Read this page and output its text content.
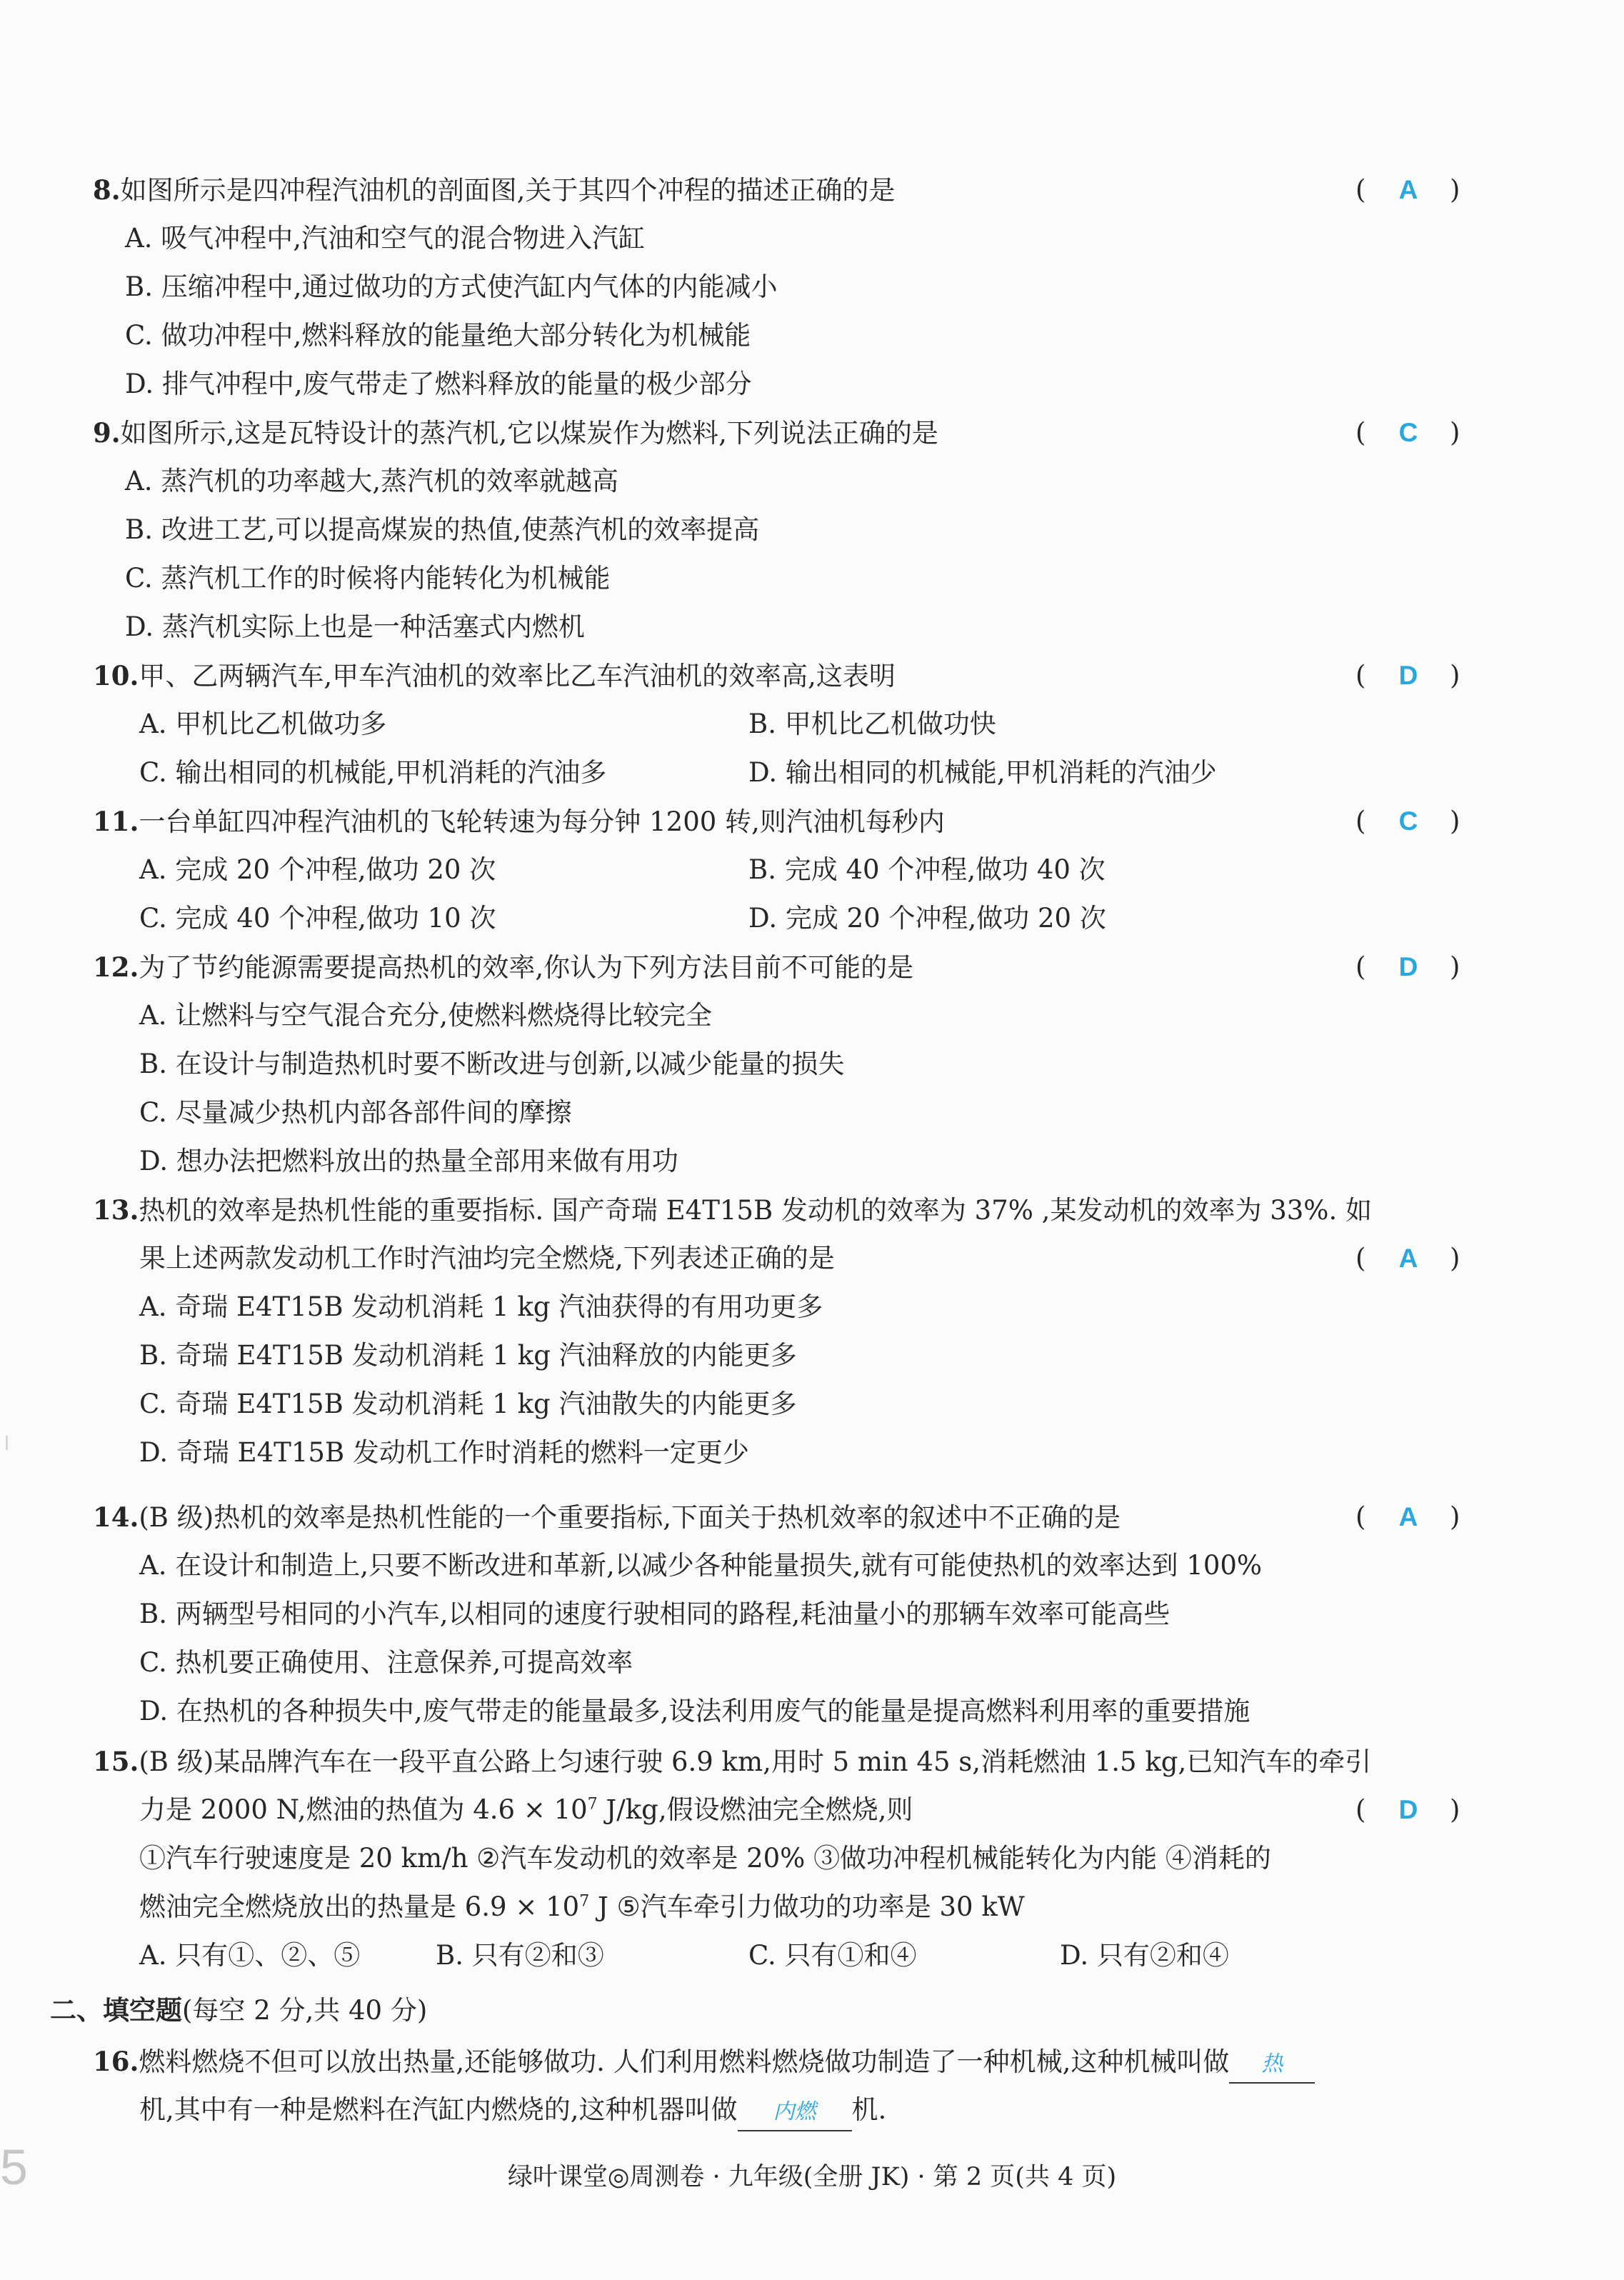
8.如图所示是四冲程汽油机的剖面图,关于其四个冲程的描述正确的是	(	A	)
A. 吸气冲程中,汽油和空气的混合物进入汽缸
B. 压缩冲程中,通过做功的方式使汽缸内气体的内能减小
C. 做功冲程中,燃料释放的能量绝大部分转化为机械能
D. 排气冲程中,废气带走了燃料释放的能量的极少部分
9.如图所示,这是瓦特设计的蒸汽机,它以煤炭作为燃料,下列说法正确的是	(	C	)
A. 蒸汽机的功率越大,蒸汽机的效率就越高
B. 改进工艺,可以提高煤炭的热值,使蒸汽机的效率提高
C. 蒸汽机工作的时候将内能转化为机械能
D. 蒸汽机实际上也是一种活塞式内燃机
10.甲、乙两辆汽车,甲车汽油机的效率比乙车汽油机的效率高,这表明	(	D	)
A. 甲机比乙机做功多	B. 甲机比乙机做功快
C. 输出相同的机械能,甲机消耗的汽油多	D. 输出相同的机械能,甲机消耗的汽油少
11.一台单缸四冲程汽油机的飞轮转速为每分钟 1200 转,则汽油机每秒内	(	C	)
A. 完成 20 个冲程,做功 20 次	B. 完成 40 个冲程,做功 40 次
C. 完成 40 个冲程,做功 10 次	D. 完成 20 个冲程,做功 20 次
12.为了节约能源需要提高热机的效率,你认为下列方法目前不可能的是	(	D	)
A. 让燃料与空气混合充分,使燃料燃烧得比较完全
B. 在设计与制造热机时要不断改进与创新,以减少能量的损失
C. 尽量减少热机内部各部件间的摩擦
D. 想办法把燃料放出的热量全部用来做有用功
13.热机的效率是热机性能的重要指标. 国产奇瑞 E4T15B 发动机的效率为 37% ,某发动机的效率为 33%. 如
果上述两款发动机工作时汽油均完全燃烧,下列表述正确的是	(	A	)
A. 奇瑞 E4T15B 发动机消耗 1 kg 汽油获得的有用功更多
B. 奇瑞 E4T15B 发动机消耗 1 kg 汽油释放的内能更多
C. 奇瑞 E4T15B 发动机消耗 1 kg 汽油散失的内能更多
D. 奇瑞 E4T15B 发动机工作时消耗的燃料一定更少
14.(B 级)热机的效率是热机性能的一个重要指标,下面关于热机效率的叙述中不正确的是	(	A	)
A. 在设计和制造上,只要不断改进和革新,以减少各种能量损失,就有可能使热机的效率达到 100%
B. 两辆型号相同的小汽车,以相同的速度行驶相同的路程,耗油量小的那辆车效率可能高些
C. 热机要正确使用、注意保养,可提高效率
D. 在热机的各种损失中,废气带走的能量最多,设法利用废气的能量是提高燃料利用率的重要措施
15.(B 级)某品牌汽车在一段平直公路上匀速行驶 6.9 km,用时 5 min 45 s,消耗燃油 1.5 kg,已知汽车的牵引
力是 2000 N,燃油的热值为 $4.6 \times 10^7$ J/kg,假设燃油完全燃烧,则	(	D	)
①汽车行驶速度是 20 km/h ②汽车发动机的效率是 20% ③做功冲程机械能转化为内能 ④消耗的
燃油完全燃烧放出的热量是 $6.9 \times 10^7$ J ⑤汽车牵引力做功的功率是 30 kW
A. 只有①、②、⑤	B. 只有②和③	C. 只有①和④	D. 只有②和④
二、填空题(每空 2 分,共 40 分)
16.燃料燃烧不但可以放出热量,还能够做功. 人们利用燃料燃烧做功制造了一种机械,这种机械叫做 热
机,其中有一种是燃料在汽缸内燃烧的,这种机器叫做 内燃 机.
绿叶课堂◎周测卷 · 九年级(全册 JK) · 第 2 页(共 4 页)
5
